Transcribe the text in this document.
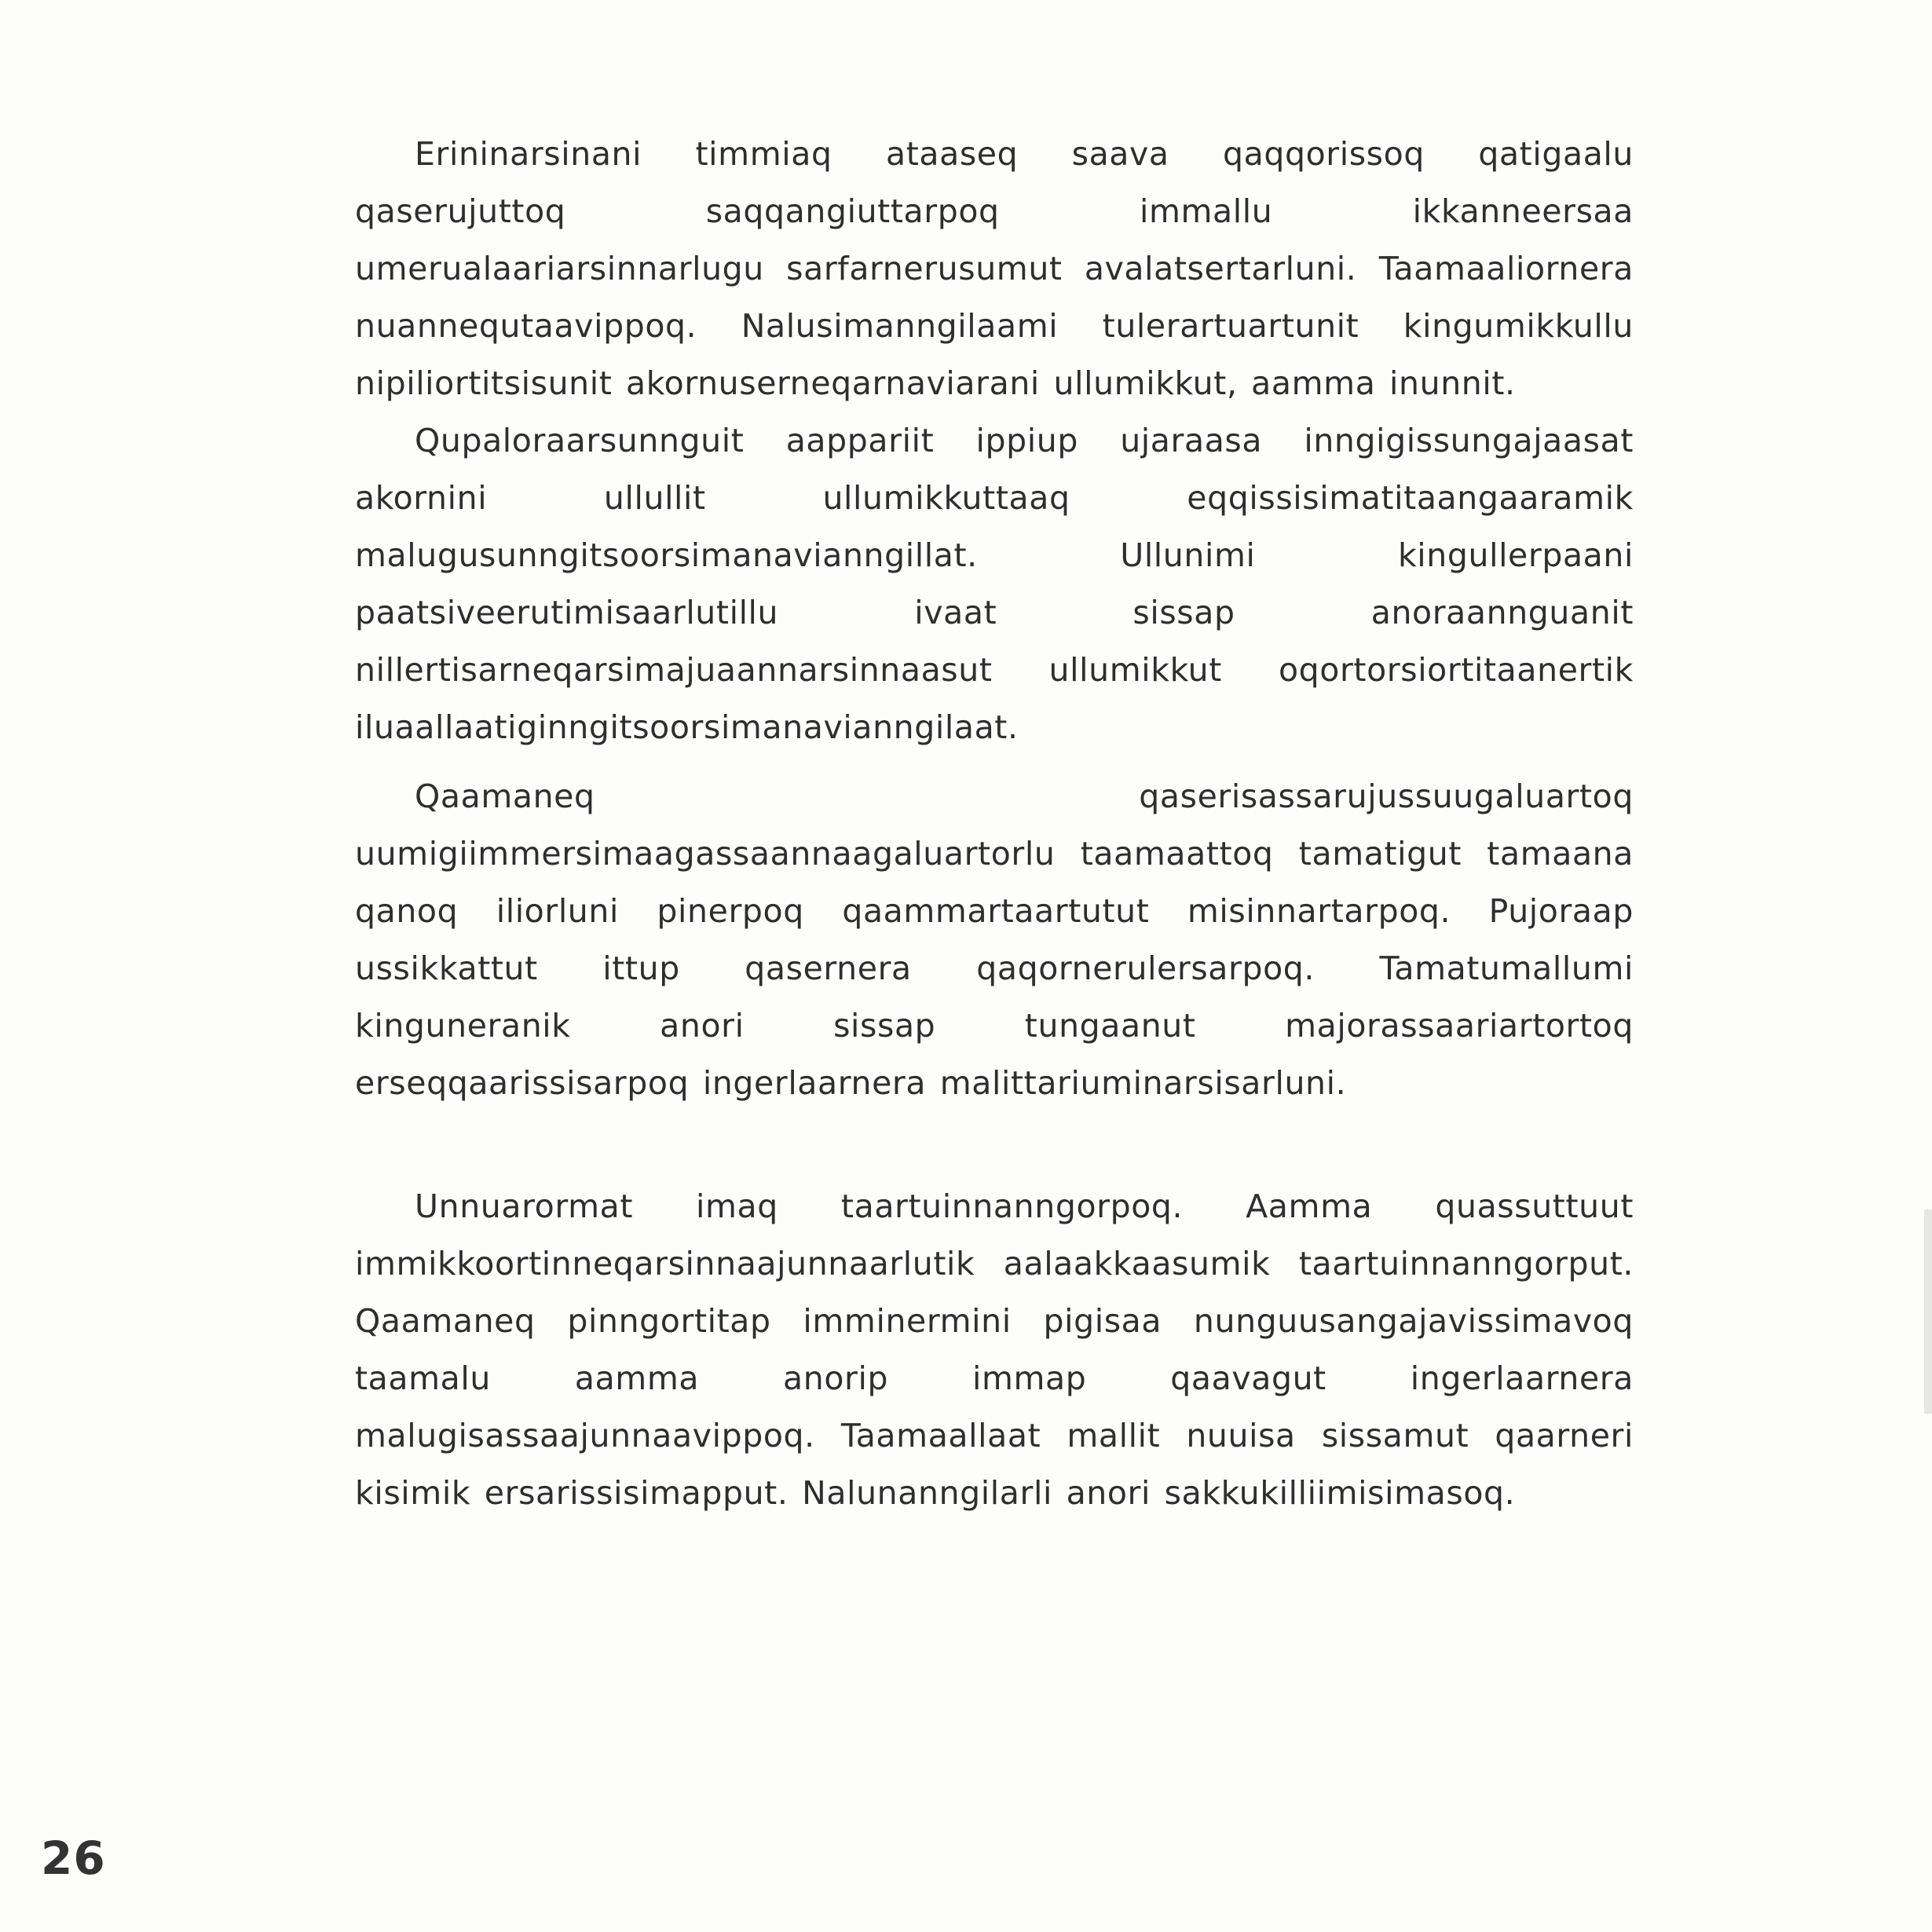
Erininarsinani timmiaq ataaseq saava qaqqorissoq qatigaalu qaserujuttoq saqqangiuttarpoq immallu ikkanneersaa umerualaariarsinnarlugu sarfarnerusumut avalatsertarluni. Taamaaliornera nuannequtaavippoq. Nalusimanngilaami tulerartuartunit kingumikkullu nipiliortitsisunit akornuserneqarnaviarani ullumikkut, aamma inunnit.

Qupaloraarsunnguit aappariit ippiup ujaraasa inngigissungajaasat akornini ullullit ullumikkuttaaq eqqissisimatitaangaaramik malugusunngitsoorsimanavianngillat. Ullunimi kingullerpaani paatsiveerutimisaarlutillu ivaat sissap anoraannguanit nillertisarneqarsimajuaannarsinnaasut ullumikkut oqortorsiortitaanertik iluaallaatiginngitsoorsimanavianngilaat.

Qaamaneq qaserisassarujussuugaluartoq uumigiimmersimaagassaannaagaluartorlu taamaattoq tamatigut tamaana qanoq iliorluni pinerpoq qaammartaartutut misinnartarpoq. Pujoraap ussikkattut ittup qasernera qaqornerulersarpoq. Tamatumallumi kinguneranik anori sissap tungaanut majorassaariartortoq erseqqaarissisarpoq ingerlaarnera malittariuminarsisarluni.

Unnuarormat imaq taartuinnanngorpoq. Aamma quassuttuut immikkoortinneqarsinnaajunnaarlutik aalaakkaasumik taartuinnanngorput. Qaamaneq pinngortitap imminermini pigisaa nunguusangajavissimavoq taamalu aamma anorip immap qaavagut ingerlaarnera malugisassaajunnaavippoq. Taamaallaat mallit nuuisa sissamut qaarneri kisimik ersarissisimapput. Nalunanngilarli anori sakkukilliimisimasoq.

26
